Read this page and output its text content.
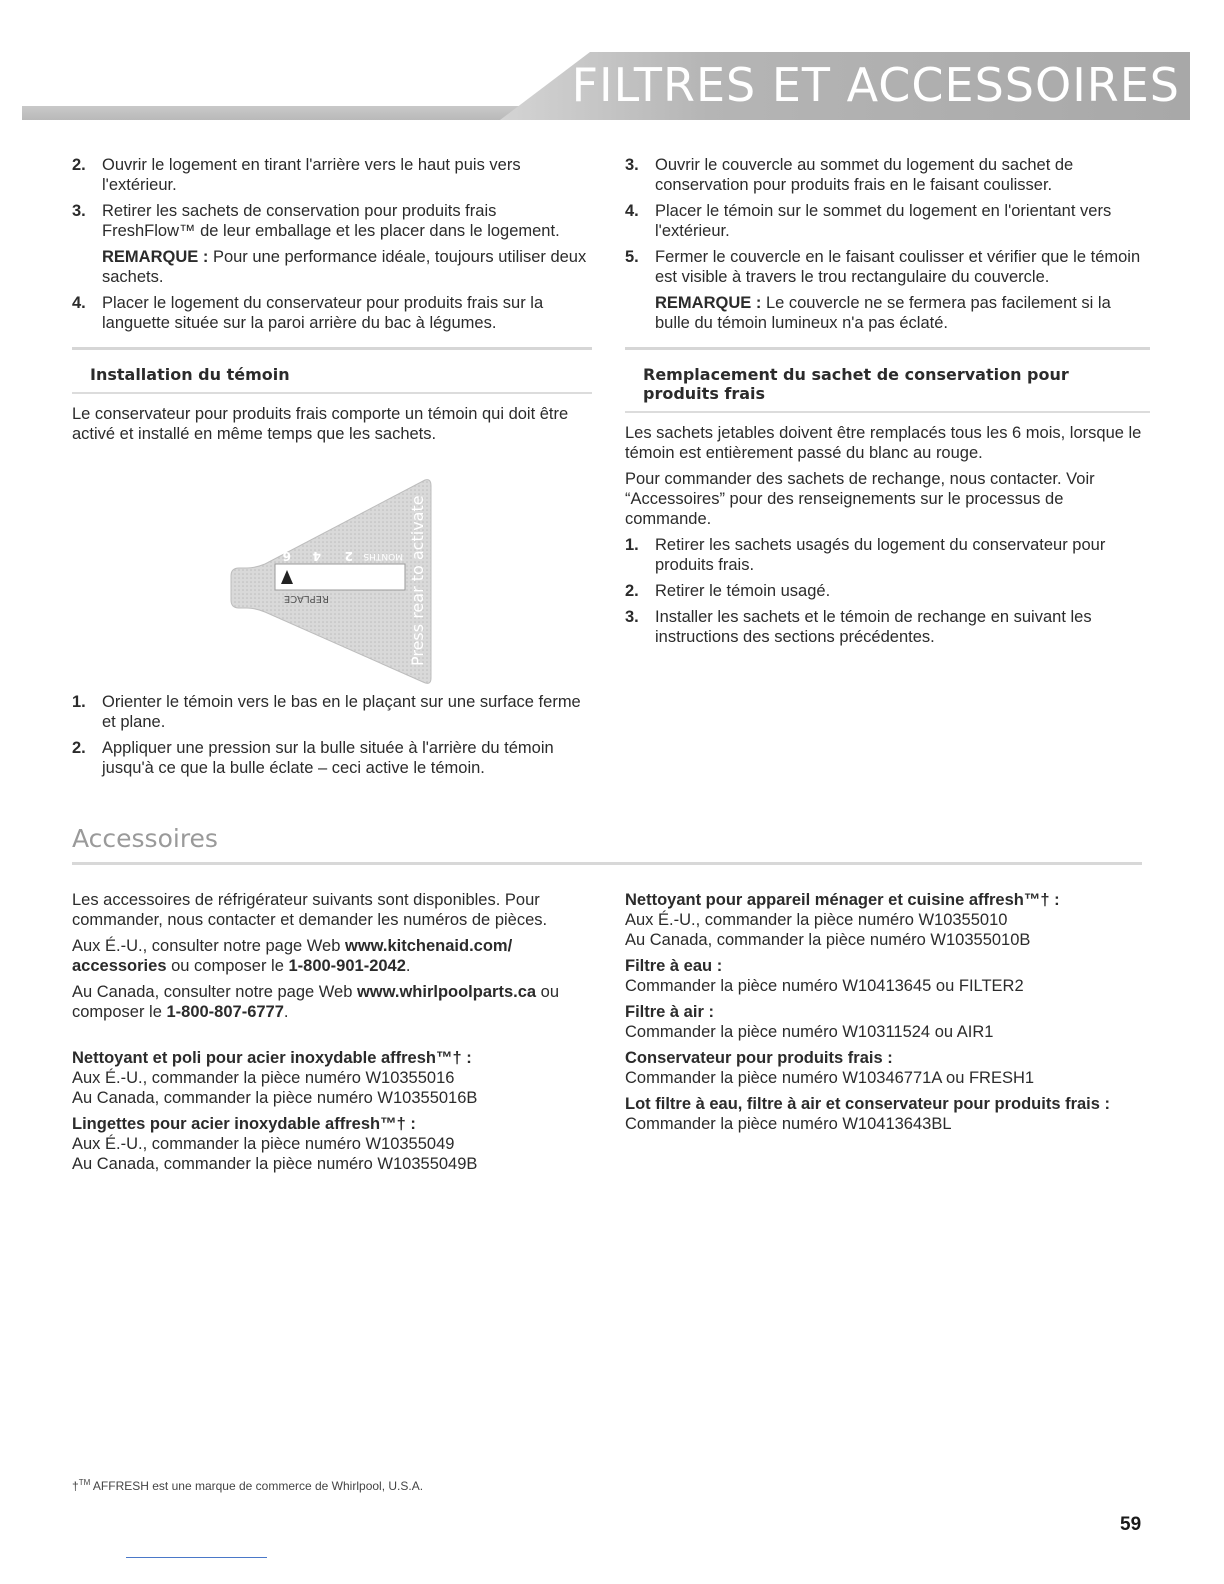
FILTRES ET ACCESSOIRES
2. Ouvrir le logement en tirant l'arrière vers le haut puis vers l'extérieur.
3. Retirer les sachets de conservation pour produits frais FreshFlow™ de leur emballage et les placer dans le logement.

REMARQUE : Pour une performance idéale, toujours utiliser deux sachets.

4. Placer le logement du conservateur pour produits frais sur la languette située sur la paroi arrière du bac à légumes.
Installation du témoin

Le conservateur pour produits frais comporte un témoin qui doit être activé et installé en même temps que les sachets.

6 4 2 MONTHS
REPLACE	Press rear to activate
1. Orienter le témoin vers le bas en le plaçant sur une surface ferme et plane.
2. Appliquer une pression sur la bulle située à l'arrière du témoin jusqu'à ce que la bulle éclate – ceci active le témoin.
3. Ouvrir le couvercle au sommet du logement du sachet de conservation pour produits frais en le faisant coulisser.
4. Placer le témoin sur le sommet du logement en l'orientant vers l'extérieur.
5. Fermer le couvercle en le faisant coulisser et vérifier que le témoin est visible à travers le trou rectangulaire du couvercle.

REMARQUE : Le couvercle ne se fermera pas facilement si la bulle du témoin lumineux n'a pas éclaté.

Remplacement du sachet de conservation pour produits frais

Les sachets jetables doivent être remplacés tous les 6 mois, lorsque le témoin est entièrement passé du blanc au rouge.

Pour commander des sachets de rechange, nous contacter. Voir “Accessoires” pour des renseignements sur le processus de commande.

1. Retirer les sachets usagés du logement du conservateur pour produits frais.
2. Retirer le témoin usagé.
3. Installer les sachets et le témoin de rechange en suivant les instructions des sections précédentes.
Accessoires

Les accessoires de réfrigérateur suivants sont disponibles. Pour commander, nous contacter et demander les numéros de pièces.

Aux É.-U., consulter notre page Web www.kitchenaid.com/ accessories ou composer le 1-800-901-2042.

Au Canada, consulter notre page Web www.whirlpoolparts.ca ou composer le 1-800-807-6777.

Nettoyant et poli pour acier inoxydable affresh™† :
Aux É.-U., commander la pièce numéro W10355016
Au Canada, commander la pièce numéro W10355016B
Lingettes pour acier inoxydable affresh™† :
Aux É.-U., commander la pièce numéro W10355049
Au Canada, commander la pièce numéro W10355049B
Nettoyant pour appareil ménager et cuisine affresh™† :
Aux É.-U., commander la pièce numéro W10355010
Au Canada, commander la pièce numéro W10355010B
Filtre à eau :
Commander la pièce numéro W10413645 ou FILTER2
Filtre à air :
Commander la pièce numéro W10311524 ou AIR1
Conservateur pour produits frais :
Commander la pièce numéro W10346771A ou FRESH1
Lot filtre à eau, filtre à air et conservateur pour produits frais :
Commander la pièce numéro W10413643BL
†™ AFFRESH est une marque de commerce de Whirlpool, U.S.A.
59
